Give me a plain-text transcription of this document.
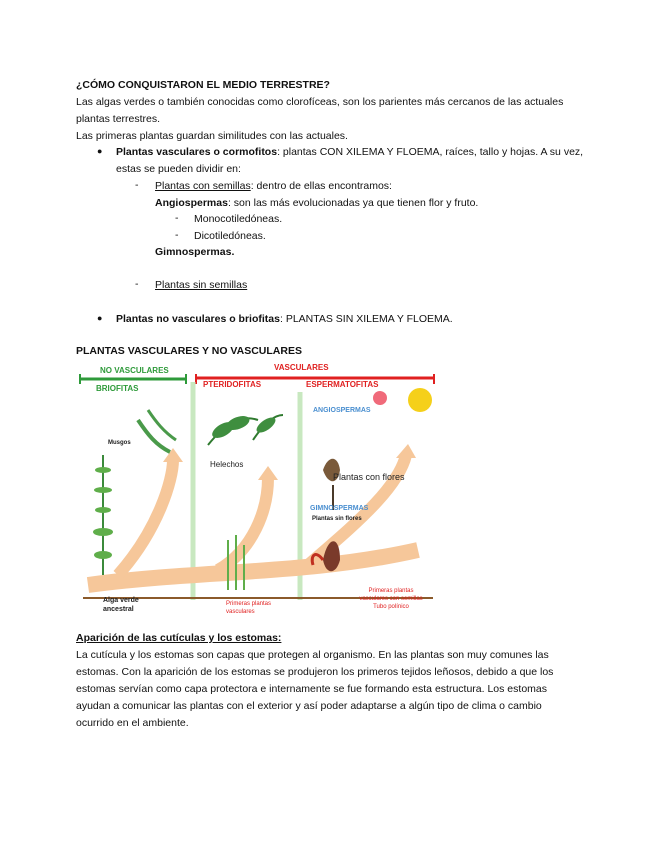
¿CÓMO CONQUISTARON EL MEDIO TERRESTRE?
Las algas verdes o también conocidas como clorofíceas, son los parientes más cercanos de las actuales
plantas terrestres.
Las primeras plantas guardan similitudes con las actuales.
● Plantas vasculares o cormofitos: plantas CON XILEMA Y FLOEMA, raíces, tallo y hojas. A su vez,
estas se pueden dividir en:
- Plantas con semillas: dentro de ellas encontramos:
Angiospermas: son las más evolucionadas ya que tienen flor y fruto.
- Monocotiledóneas.
- Dicotiledóneas.
Gimnospermas.
- Plantas sin semillas
● Plantas no vasculares o briofitas: PLANTAS SIN XILEMA Y FLOEMA.
PLANTAS VASCULARES Y NO VASCULARES
NO VASCULARES	VASCULARES
BRIOFITAS	PTERIDOFITAS	ESPERMATOFITAS
ANGIOSPERMAS
GIMNOSPERMAS
Musgos
Helechos
Plantas con flores
Plantas sin flores
Alga verde ancestral
Primeras plantas vasculares
Primeras plantas vasculares con semillas Tubo polínico
Aparición de las cutículas y los estomas:
La cutícula y los estomas son capas que protegen al organismo. En las plantas son muy comunes las
estomas. Con la aparición de los estomas se produjeron los primeros tejidos leñosos, debido a que los
estomas servían como capa protectora e internamente se fue formando esta estructura. Los estomas
ayudan a comunicar las plantas con el exterior y así poder adaptarse a algún tipo de clima o cambio
ocurrido en el ambiente.
